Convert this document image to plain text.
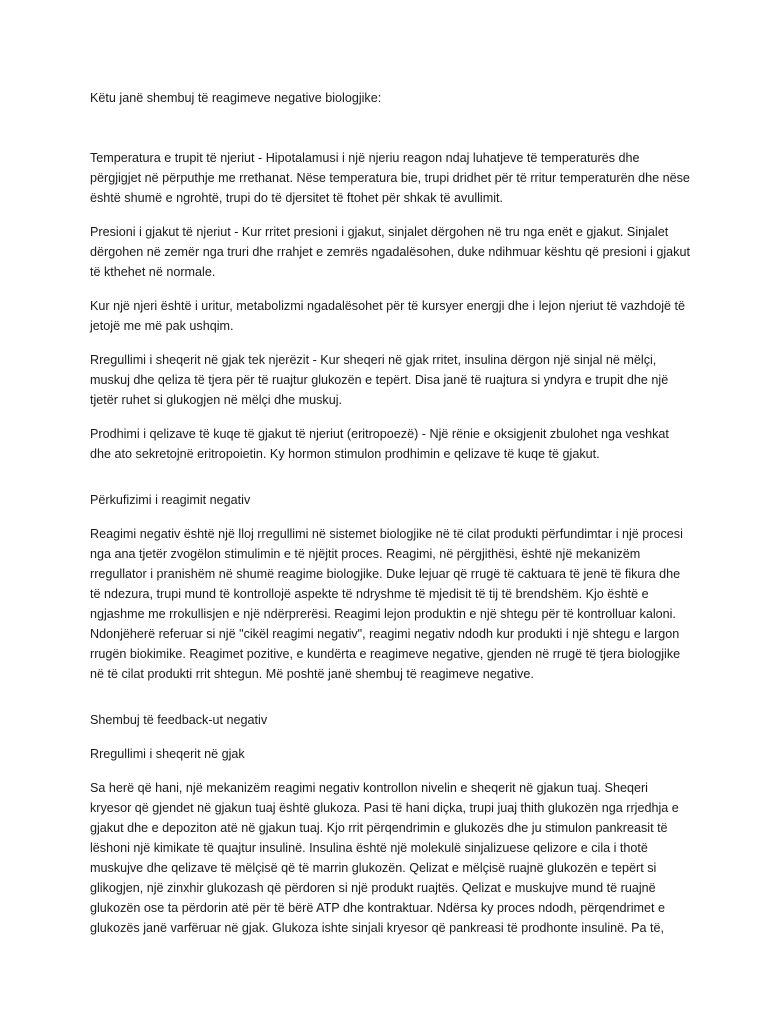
Këtu janë shembuj të reagimeve negative biologjike:

Temperatura e trupit të njeriut - Hipotalamusi i një njeriu reagon ndaj luhatjeve të temperaturës dhe përgjigjet në përputhje me rrethanat. Nëse temperatura bie, trupi dridhet për të rritur temperaturën dhe nëse është shumë e ngrohtë, trupi do të djersitet të ftohet për shkak të avullimit.

Presioni i gjakut të njeriut - Kur rritet presioni i gjakut, sinjalet dërgohen në tru nga enët e gjakut. Sinjalet dërgohen në zemër nga truri dhe rrahjet e zemrës ngadalësohen, duke ndihmuar kështu që presioni i gjakut të kthehet në normale.

Kur një njeri është i uritur, metabolizmi ngadalësohet për të kursyer energji dhe i lejon njeriut të vazhdojë të jetojë me më pak ushqim.

Rregullimi i sheqerit në gjak tek njerëzit - Kur sheqeri në gjak rritet, insulina dërgon një sinjal në mëlçi, muskuj dhe qeliza të tjera për të ruajtur glukozën e tepërt. Disa janë të ruajtura si yndyra e trupit dhe një tjetër ruhet si glukogjen në mëlçi dhe muskuj.

Prodhimi i qelizave të kuqe të gjakut të njeriut (eritropoezë) - Një rënie e oksigjenit zbulohet nga veshkat dhe ato sekretojnë eritropoietin. Ky hormon stimulon prodhimin e qelizave të kuqe të gjakut.

Përkufizimi i reagimit negativ

Reagimi negativ është një lloj rregullimi në sistemet biologjike në të cilat produkti përfundimtar i një procesi nga ana tjetër zvogëlon stimulimin e të njëjtit proces. Reagimi, në përgjithësi, është një mekanizëm rregullator i pranishëm në shumë reagime biologjike. Duke lejuar që rrugë të caktuara të jenë të fikura dhe të ndezura, trupi mund të kontrollojë aspekte të ndryshme të mjedisit të tij të brendshëm. Kjo është e ngjashme me rrokullisjen e një ndërprerësi. Reagimi lejon produktin e një shtegu për të kontrolluar kalonі. Ndonjëherë referuar si një "cikël reagimi negativ", reagimi negativ ndodh kur produkti i një shtegu e largon rrugën biokimike. Reagimet pozitive, e kundërta e reagimeve negative, gjenden në rrugë të tjera biologjike në të cilat produkti rrit shtegun. Më poshtë janë shembuj të reagimeve negative.

Shembuj të feedback-ut negativ

Rregullimi i sheqerit në gjak

Sa herë që hani, një mekanizëm reagimi negativ kontrollon nivelin e sheqerit në gjakun tuaj. Sheqeri kryesor që gjendet në gjakun tuaj është glukoza. Pasi të hani diçka, trupi juaj thith glukozën nga rrjedhja e gjakut dhe e depoziton atë në gjakun tuaj. Kjo rrit përqendrimin e glukozës dhe ju stimulon pankreasit të lëshoni një kimikate të quajtur insulinë. Insulina është një molekulë sinjalizuese qelizore e cila i thotë muskujve dhe qelizave të mëlçisë që të marrin glukozën. Qelizat e mëlçisë ruajnë glukozën e tepërt si glikogjen, një zinxhir glukozash që përdoren si një produkt ruajtës. Qelizat e muskujve mund të ruajnë glukozën ose ta përdorin atë për të bërë ATP dhe kontraktuar. Ndërsa ky proces ndodh, përqendrimet e glukozës janë varfëruar në gjak. Glukoza ishte sinjali kryesor që pankreasi të prodhonte insulinë. Pa të,
